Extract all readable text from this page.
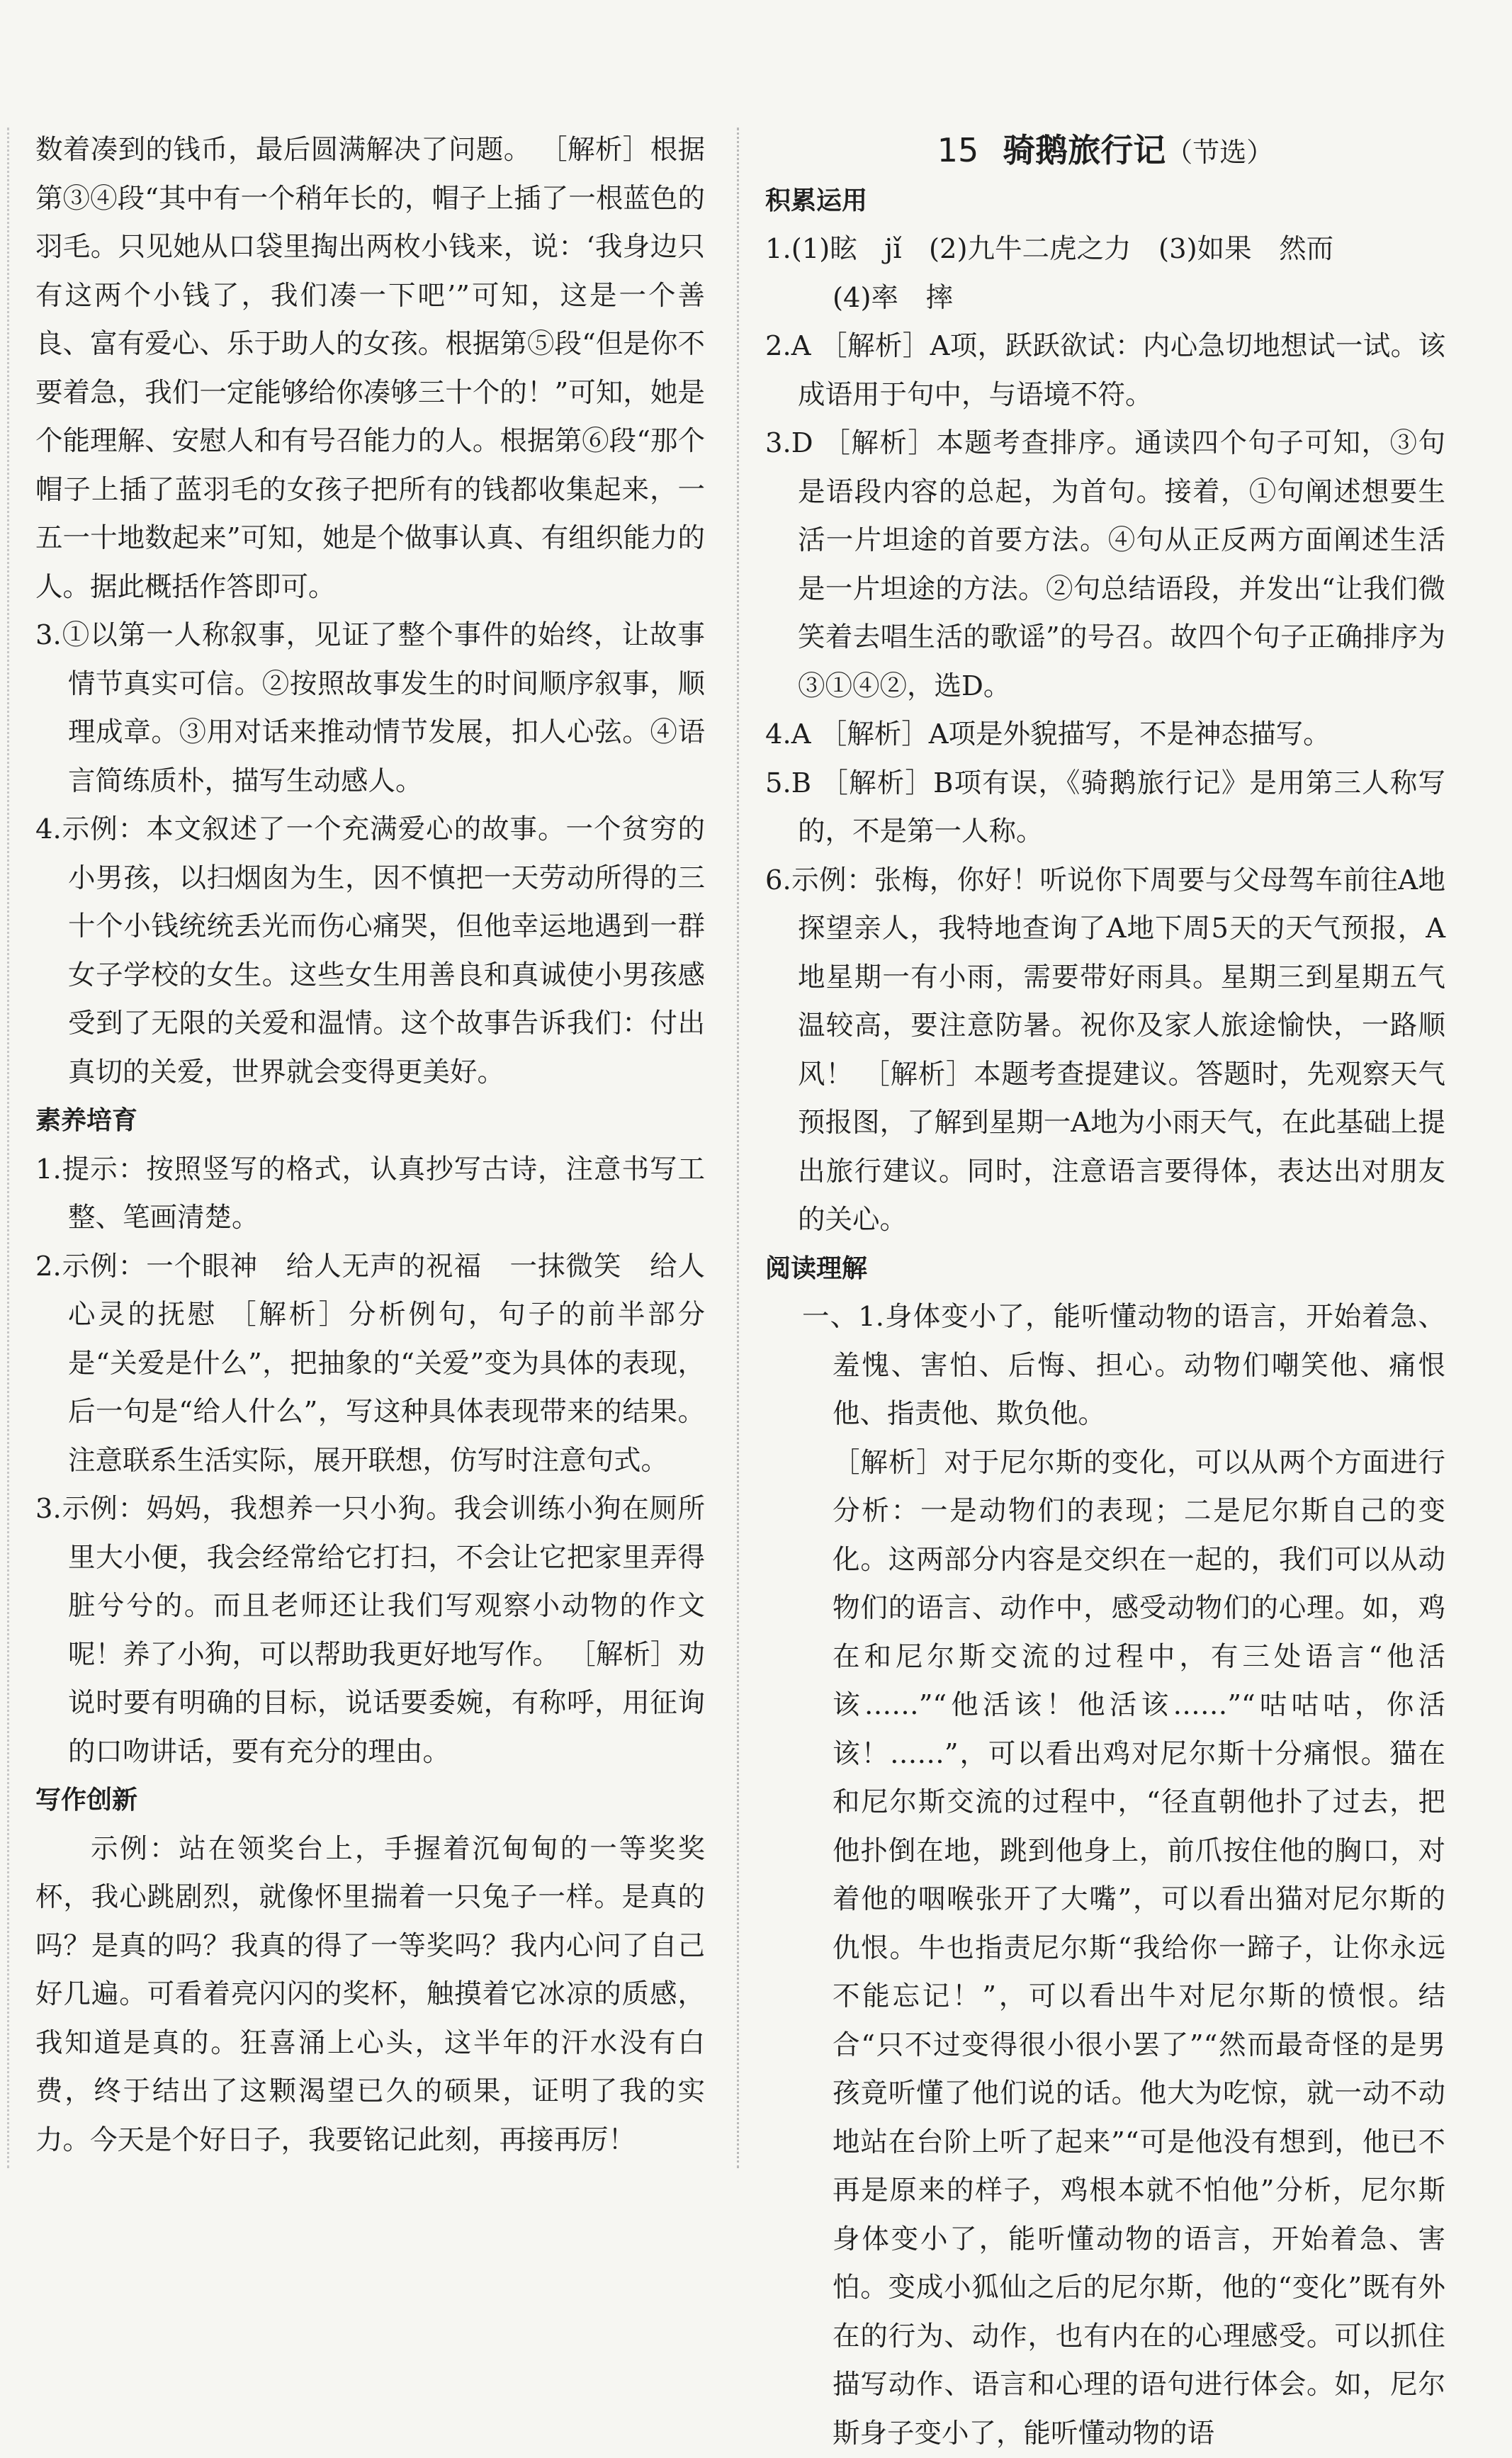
数着凑到的钱币，最后圆满解决了问题。 ［解析］根据第③④段“其中有一个稍年长的，帽子上插了一根蓝色的羽毛。只见她从口袋里掏出两枚小钱来，说：‘我身边只有这两个小钱了，我们凑一下吧’”可知，这是一个善良、富有爱心、乐于助人的女孩。根据第⑤段“但是你不要着急，我们一定能够给你凑够三十个的！”可知，她是个能理解、安慰人和有号召能力的人。根据第⑥段“那个帽子上插了蓝羽毛的女孩子把所有的钱都收集起来，一五一十地数起来”可知，她是个做事认真、有组织能力的人。据此概括作答即可。

3.①以第一人称叙事，见证了整个事件的始终，让故事情节真实可信。②按照故事发生的时间顺序叙事，顺理成章。③用对话来推动情节发展，扣人心弦。④语言简练质朴，描写生动感人。

4.示例：本文叙述了一个充满爱心的故事。一个贫穷的小男孩，以扫烟囱为生，因不慎把一天劳动所得的三十个小钱统统丢光而伤心痛哭，但他幸运地遇到一群女子学校的女生。这些女生用善良和真诚使小男孩感受到了无限的关爱和温情。这个故事告诉我们：付出真切的关爱，世界就会变得更美好。

素养培育

1.提示：按照竖写的格式，认真抄写古诗，注意书写工整、笔画清楚。

2.示例：一个眼神　给人无声的祝福　一抹微笑　给人心灵的抚慰 ［解析］分析例句，句子的前半部分是“关爱是什么”，把抽象的“关爱”变为具体的表现，后一句是“给人什么”，写这种具体表现带来的结果。注意联系生活实际，展开联想，仿写时注意句式。

3.示例：妈妈，我想养一只小狗。我会训练小狗在厕所里大小便，我会经常给它打扫，不会让它把家里弄得脏兮兮的。而且老师还让我们写观察小动物的作文呢！养了小狗，可以帮助我更好地写作。 ［解析］劝说时要有明确的目标，说话要委婉，有称呼，用征询的口吻讲话，要有充分的理由。

写作创新

示例：站在领奖台上，手握着沉甸甸的一等奖奖杯，我心跳剧烈，就像怀里揣着一只兔子一样。是真的吗？是真的吗？我真的得了一等奖吗？我内心问了自己好几遍。可看着亮闪闪的奖杯，触摸着它冰凉的质感，我知道是真的。狂喜涌上心头，这半年的汗水没有白费，终于结出了这颗渴望已久的硕果，证明了我的实力。今天是个好日子，我要铭记此刻，再接再厉！

15 骑鹅旅行记（节选）

积累运用

1.(1)眩　jǐ　(2)九牛二虎之力　(3)如果　然而

(4)率　摔

2.A ［解析］A项，跃跃欲试：内心急切地想试一试。该成语用于句中，与语境不符。

3.D ［解析］本题考查排序。通读四个句子可知，③句是语段内容的总起，为首句。接着，①句阐述想要生活一片坦途的首要方法。④句从正反两方面阐述生活是一片坦途的方法。②句总结语段，并发出“让我们微笑着去唱生活的歌谣”的号召。故四个句子正确排序为③①④②，选D。

4.A ［解析］A项是外貌描写，不是神态描写。

5.B ［解析］B项有误，《骑鹅旅行记》是用第三人称写的，不是第一人称。

6.示例：张梅，你好！听说你下周要与父母驾车前往A地探望亲人，我特地查询了A地下周5天的天气预报，A地星期一有小雨，需要带好雨具。星期三到星期五气温较高，要注意防暑。祝你及家人旅途愉快，一路顺风！ ［解析］本题考查提建议。答题时，先观察天气预报图，了解到星期一A地为小雨天气，在此基础上提出旅行建议。同时，注意语言要得体，表达出对朋友的关心。

阅读理解

一、1.身体变小了，能听懂动物的语言，开始着急、羞愧、害怕、后悔、担心。动物们嘲笑他、痛恨他、指责他、欺负他。

［解析］对于尼尔斯的变化，可以从两个方面进行分析：一是动物们的表现；二是尼尔斯自己的变化。这两部分内容是交织在一起的，我们可以从动物们的语言、动作中，感受动物们的心理。如，鸡在和尼尔斯交流的过程中，有三处语言“他活该……”“他活该！他活该……”“咕咕咕，你活该！……”，可以看出鸡对尼尔斯十分痛恨。猫在和尼尔斯交流的过程中，“径直朝他扑了过去，把他扑倒在地，跳到他身上，前爪按住他的胸口，对着他的咽喉张开了大嘴”，可以看出猫对尼尔斯的仇恨。牛也指责尼尔斯“我给你一蹄子，让你永远不能忘记！”，可以看出牛对尼尔斯的愤恨。结合“只不过变得很小很小罢了”“然而最奇怪的是男孩竟听懂了他们说的话。他大为吃惊，就一动不动地站在台阶上听了起来”“可是他没有想到，他已不再是原来的样子，鸡根本就不怕他”分析，尼尔斯身体变小了，能听懂动物的语言，开始着急、害怕。变成小狐仙之后的尼尔斯，他的“变化”既有外在的行为、动作，也有内在的心理感受。可以抓住描写动作、语言和心理的语句进行体会。如，尼尔斯身子变小了，能听懂动物的语
